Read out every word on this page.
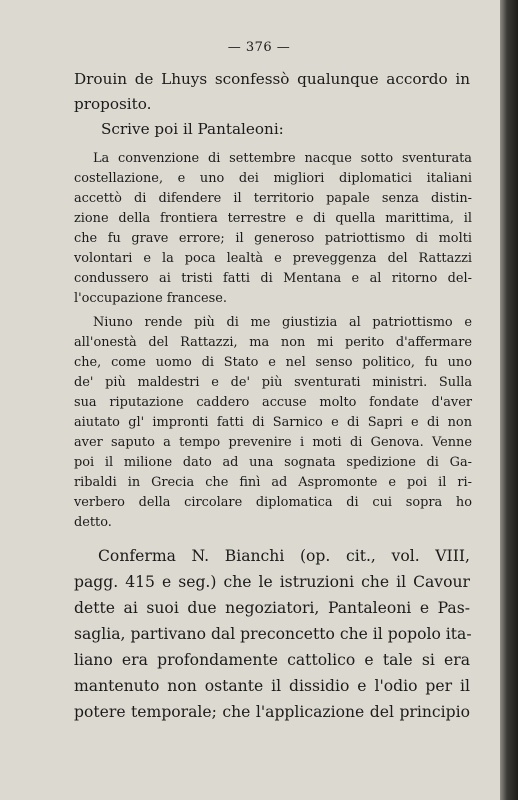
— 376 —
Drouin de Lhuys sconfessò qualunque accordo in
proposito.
Scrive poi il Pantaleoni:
La convenzione di settembre nacque sotto sventurata
costellazione, e uno dei migliori diplomatici italiani
accettò di difendere il territorio papale senza distin-
zione della frontiera terrestre e di quella marittima, il
che fu grave errore; il generoso patriottismo di molti
volontari e la poca lealtà e preveggenza del Rattazzi
condussero ai tristi fatti di Mentana e al ritorno del-
l'occupazione francese.
Niuno rende più di me giustizia al patriottismo e
all'onestà del Rattazzi, ma non mi perito d'affermare
che, come uomo di Stato e nel senso politico, fu uno
de' più maldestri e de' più sventurati ministri. Sulla
sua riputazione caddero accuse molto fondate d'aver
aiutato gl' improntі fatti di Sarnico e di Sapri e di non
aver saputo a tempo prevenire i moti di Genova. Venne
poi il milione dato ad una sognata spedizione di Ga-
ribaldi in Grecia che finì ad Aspromonte e poi il ri-
verbero della circolare diplomatica di cui sopra ho
detto.
Conferma N. Bianchi (op. cit., vol. VIII,
pagg. 415 e seg.) che le istruzioni che il Cavour
dette ai suoi due negoziatori, Pantaleoni e Pas-
saglia, partivano dal preconcetto che il popolo ita-
liano era profondamente cattolico e tale si era
mantenuto non ostante il dissidio e l'odio per il
potere temporale; che l'applicazione del principio
